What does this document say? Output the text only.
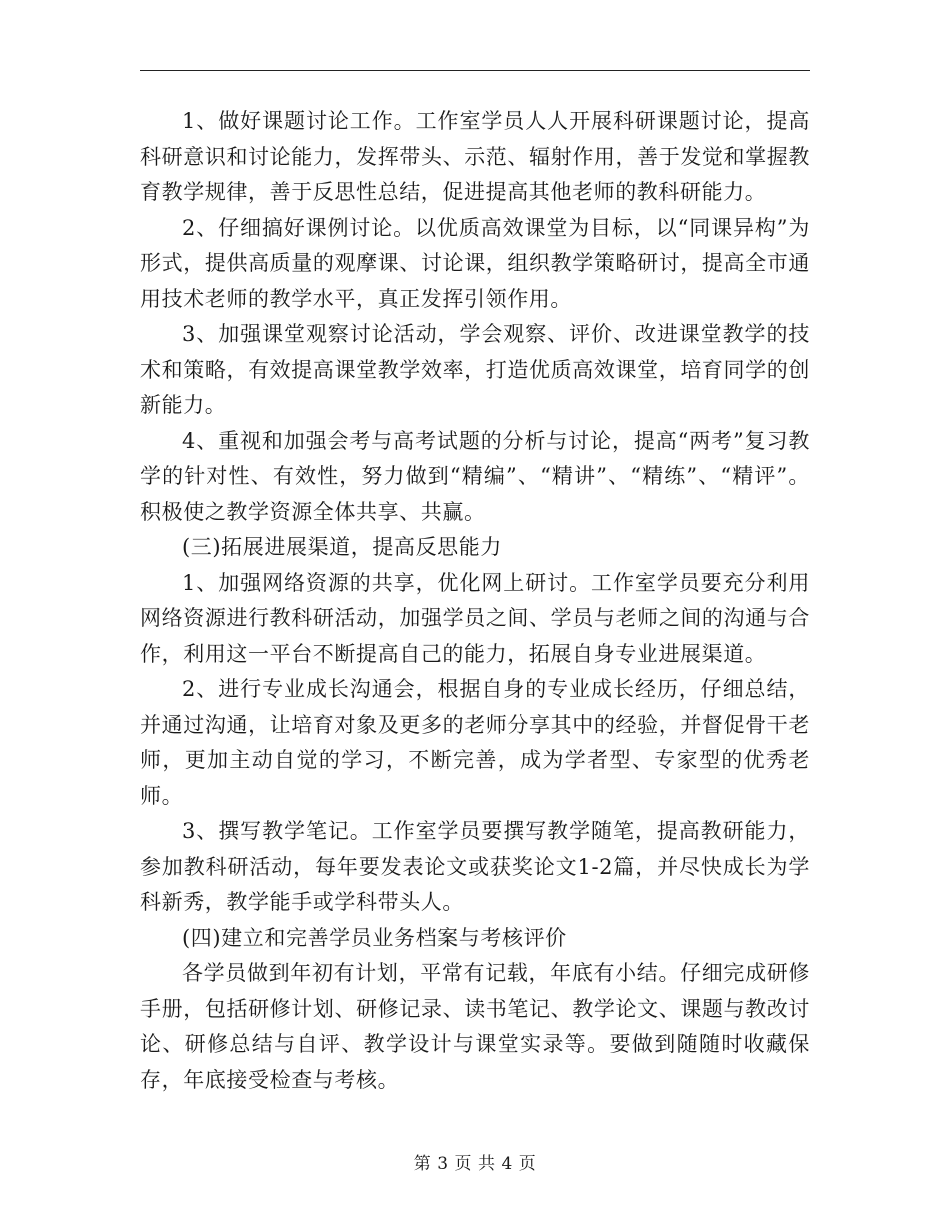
1、做好课题讨论工作。工作室学员人人开展科研课题讨论，提高科研意识和讨论能力，发挥带头、示范、辐射作用，善于发觉和掌握教育教学规律，善于反思性总结，促进提高其他老师的教科研能力。

2、仔细搞好课例讨论。以优质高效课堂为目标，以“同课异构”为形式，提供高质量的观摩课、讨论课，组织教学策略研讨，提高全市通用技术老师的教学水平，真正发挥引领作用。

3、加强课堂观察讨论活动，学会观察、评价、改进课堂教学的技术和策略，有效提高课堂教学效率，打造优质高效课堂，培育同学的创新能力。

4、重视和加强会考与高考试题的分析与讨论，提高“两考”复习教学的针对性、有效性，努力做到“精编”、“精讲”、“精练”、“精评”。积极使之教学资源全体共享、共赢。

(三)拓展进展渠道，提高反思能力

1、加强网络资源的共享，优化网上研讨。工作室学员要充分利用网络资源进行教科研活动，加强学员之间、学员与老师之间的沟通与合作，利用这一平台不断提高自己的能力，拓展自身专业进展渠道。

2、进行专业成长沟通会，根据自身的专业成长经历，仔细总结，并通过沟通，让培育对象及更多的老师分享其中的经验，并督促骨干老师，更加主动自觉的学习，不断完善，成为学者型、专家型的优秀老师。

3、撰写教学笔记。工作室学员要撰写教学随笔，提高教研能力，参加教科研活动，每年要发表论文或获奖论文1-2篇，并尽快成长为学科新秀，教学能手或学科带头人。

(四)建立和完善学员业务档案与考核评价

各学员做到年初有计划，平常有记载，年底有小结。仔细完成研修手册，包括研修计划、研修记录、读书笔记、教学论文、课题与教改讨论、研修总结与自评、教学设计与课堂实录等。要做到随随时收藏保存，年底接受检查与考核。

第 3 页 共 4 页
